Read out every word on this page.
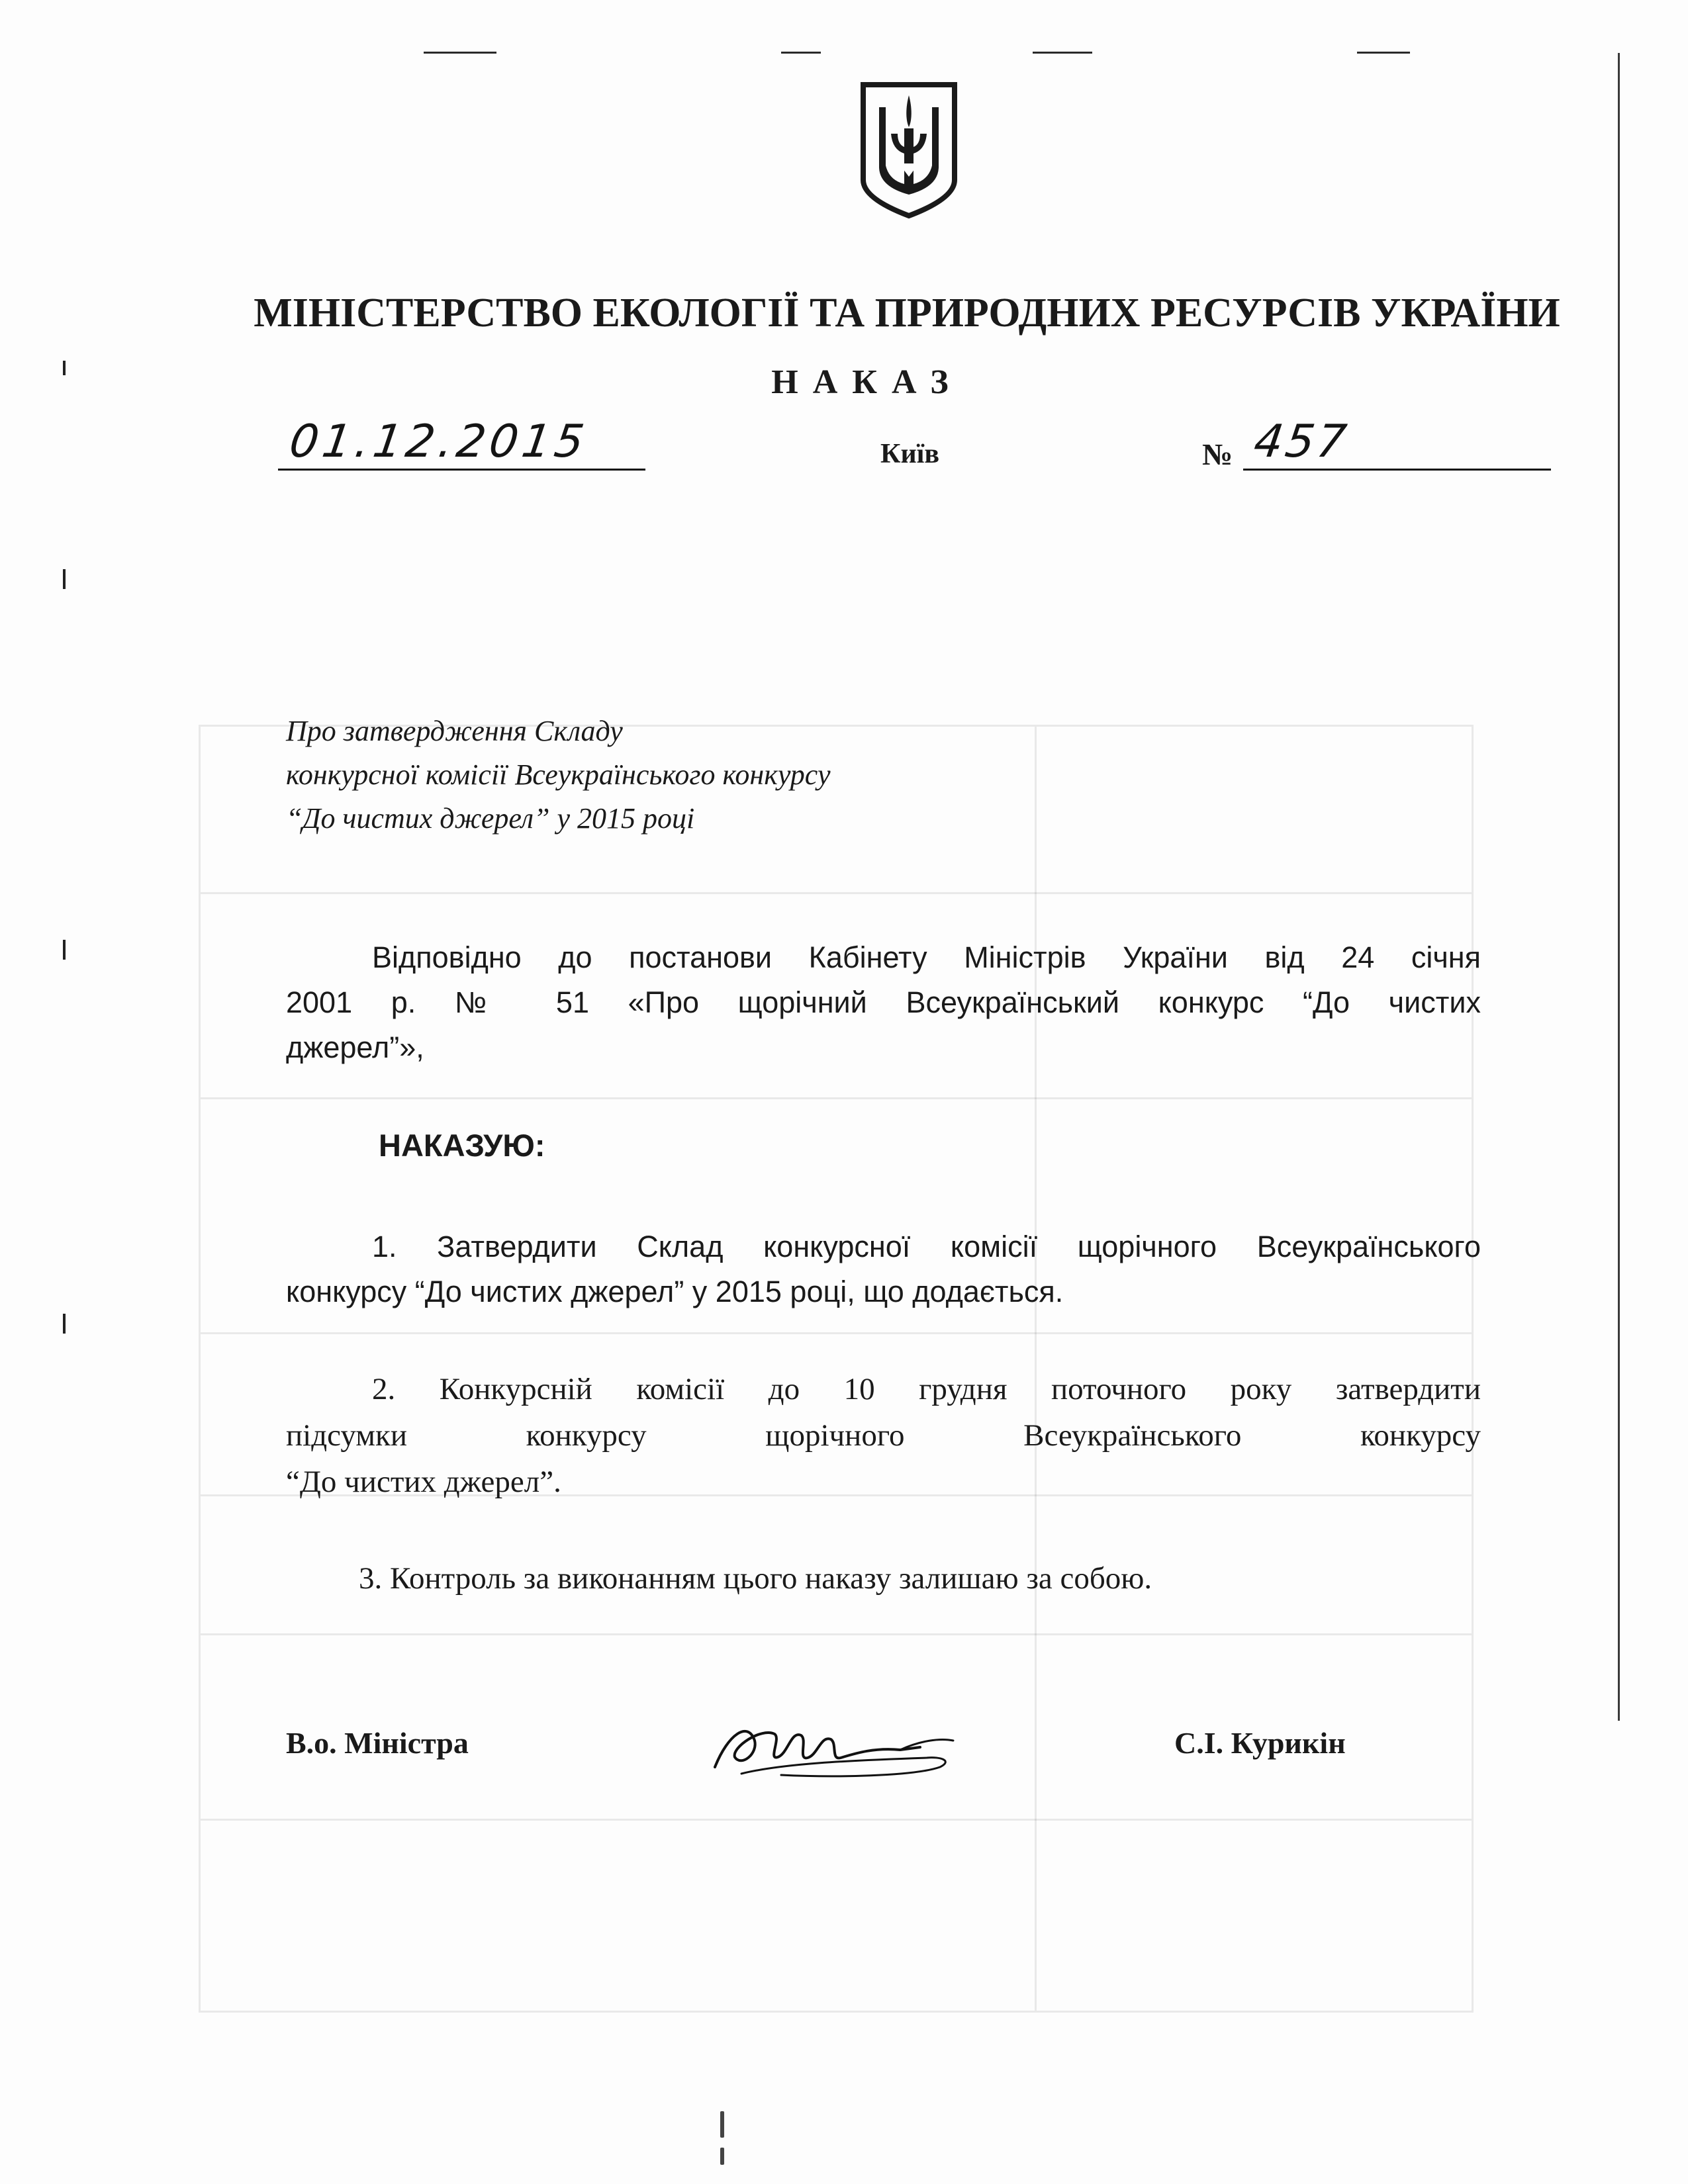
МІНІСТЕРСТВО ЕКОЛОГІЇ ТА ПРИРОДНИХ РЕСУРСІВ УКРАЇНИ
НАКАЗ
01.12.2015	Київ	№ 457
Про затвердження Складу
конкурсної комісії Всеукраїнського конкурсу
“До чистих джерел” у 2015 році
Відповідно до постанови Кабінету Міністрів України від 24 січня
2001 р. № 51 «Про щорічний Всеукраїнський конкурс “До чистих
джерел”»,
НАКАЗУЮ:
1. Затвердити Склад конкурсної комісії щорічного Всеукраїнського
конкурсу “До чистих джерел” у 2015 році, що додається.
2. Конкурсній комісії до 10 грудня поточного року затвердити
підсумки конкурсу щорічного Всеукраїнського конкурсу
“До чистих джерел”.
3. Контроль за виконанням цього наказу залишаю за собою.
В.о. Міністра	С.І. Курикін
